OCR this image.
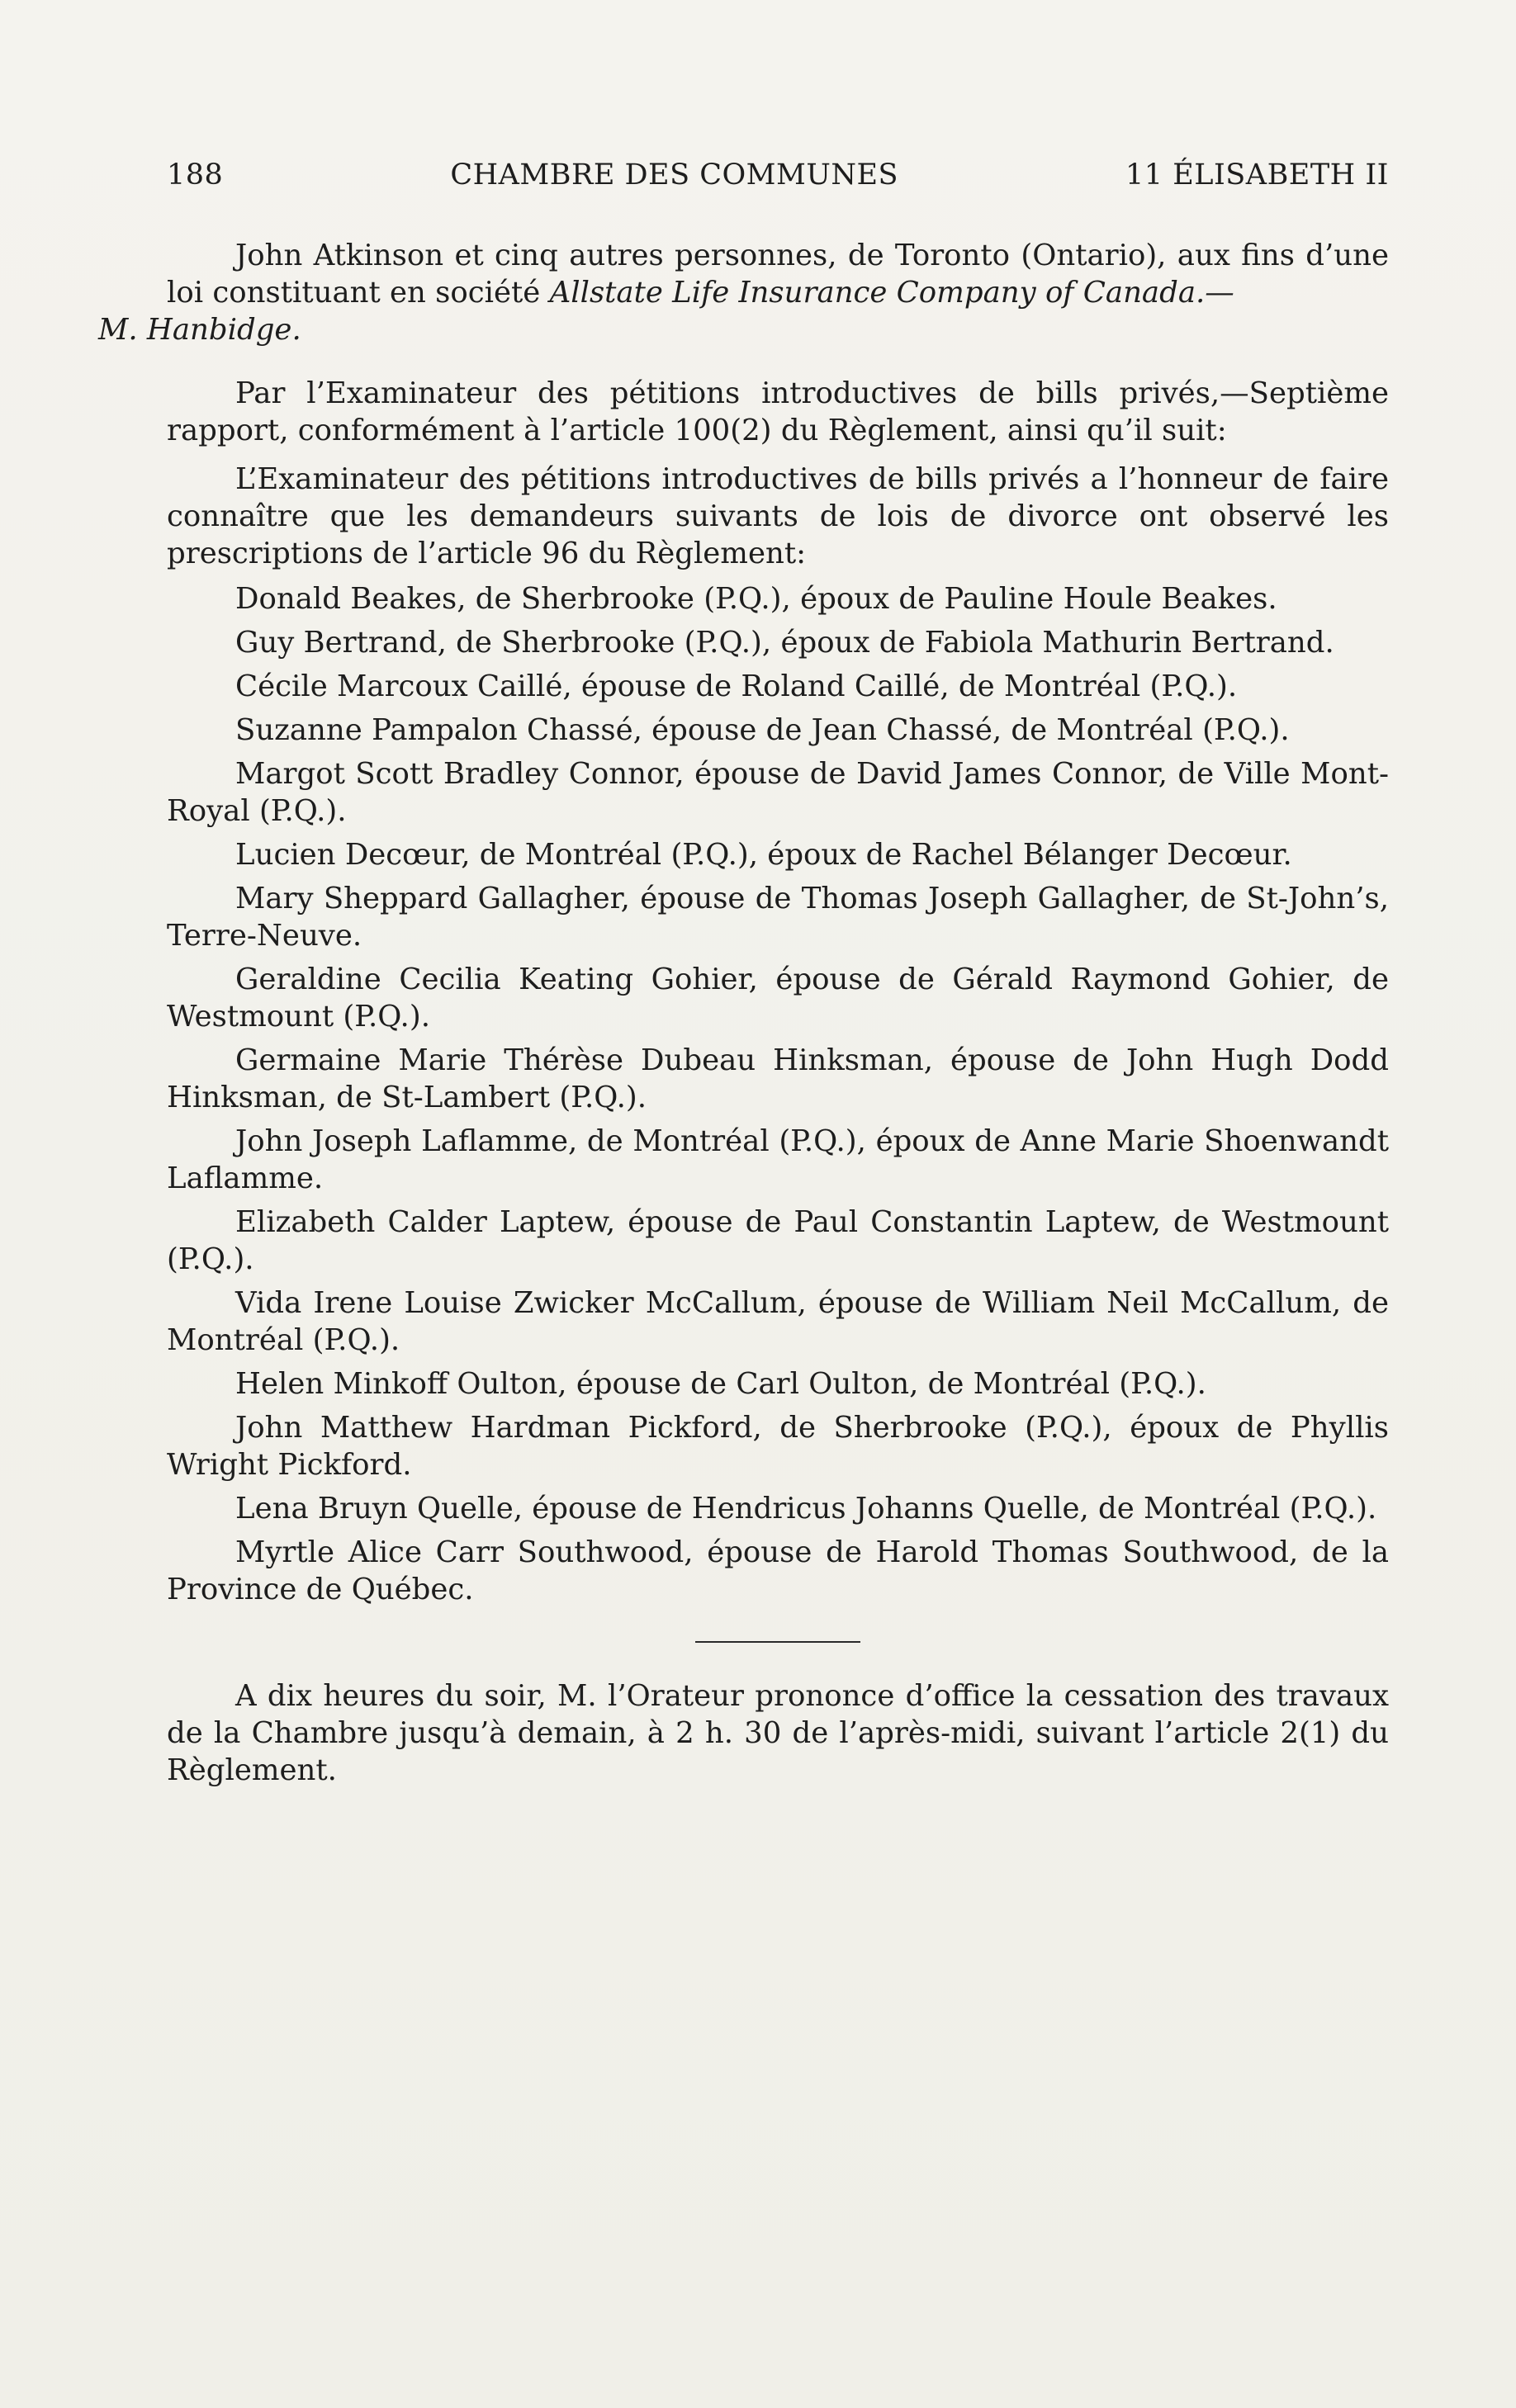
188	CHAMBRE DES COMMUNES	11 ÉLISABETH II

John Atkinson et cinq autres personnes, de Toronto (Ontario), aux fins d’une loi constituant en société Allstate Life Insurance Company of Canada.—
M. Hanbidge.

Par l’Examinateur des pétitions introductives de bills privés,—Septième rapport, conformément à l’article 100(2) du Règlement, ainsi qu’il suit:

L’Examinateur des pétitions introductives de bills privés a l’honneur de faire connaître que les demandeurs suivants de lois de divorce ont observé les prescriptions de l’article 96 du Règlement:

Donald Beakes, de Sherbrooke (P.Q.), époux de Pauline Houle Beakes.

Guy Bertrand, de Sherbrooke (P.Q.), époux de Fabiola Mathurin Bertrand.

Cécile Marcoux Caillé, épouse de Roland Caillé, de Montréal (P.Q.).

Suzanne Pampalon Chassé, épouse de Jean Chassé, de Montréal (P.Q.).

Margot Scott Bradley Connor, épouse de David James Connor, de Ville Mont-Royal (P.Q.).

Lucien Decœur, de Montréal (P.Q.), époux de Rachel Bélanger Decœur.

Mary Sheppard Gallagher, épouse de Thomas Joseph Gallagher, de St-John’s, Terre-Neuve.

Geraldine Cecilia Keating Gohier, épouse de Gérald Raymond Gohier, de Westmount (P.Q.).

Germaine Marie Thérèse Dubeau Hinksman, épouse de John Hugh Dodd Hinksman, de St-Lambert (P.Q.).

John Joseph Laflamme, de Montréal (P.Q.), époux de Anne Marie Shoenwandt Laflamme.

Elizabeth Calder Laptew, épouse de Paul Constantin Laptew, de Westmount (P.Q.).

Vida Irene Louise Zwicker McCallum, épouse de William Neil McCallum, de Montréal (P.Q.).

Helen Minkoff Oulton, épouse de Carl Oulton, de Montréal (P.Q.).

John Matthew Hardman Pickford, de Sherbrooke (P.Q.), époux de Phyllis Wright Pickford.

Lena Bruyn Quelle, épouse de Hendricus Johanns Quelle, de Montréal (P.Q.).

Myrtle Alice Carr Southwood, épouse de Harold Thomas Southwood, de la Province de Québec.

A dix heures du soir, M. l’Orateur prononce d’office la cessation des travaux de la Chambre jusqu’à demain, à 2 h. 30 de l’après-midi, suivant l’article 2(1) du Règlement.
